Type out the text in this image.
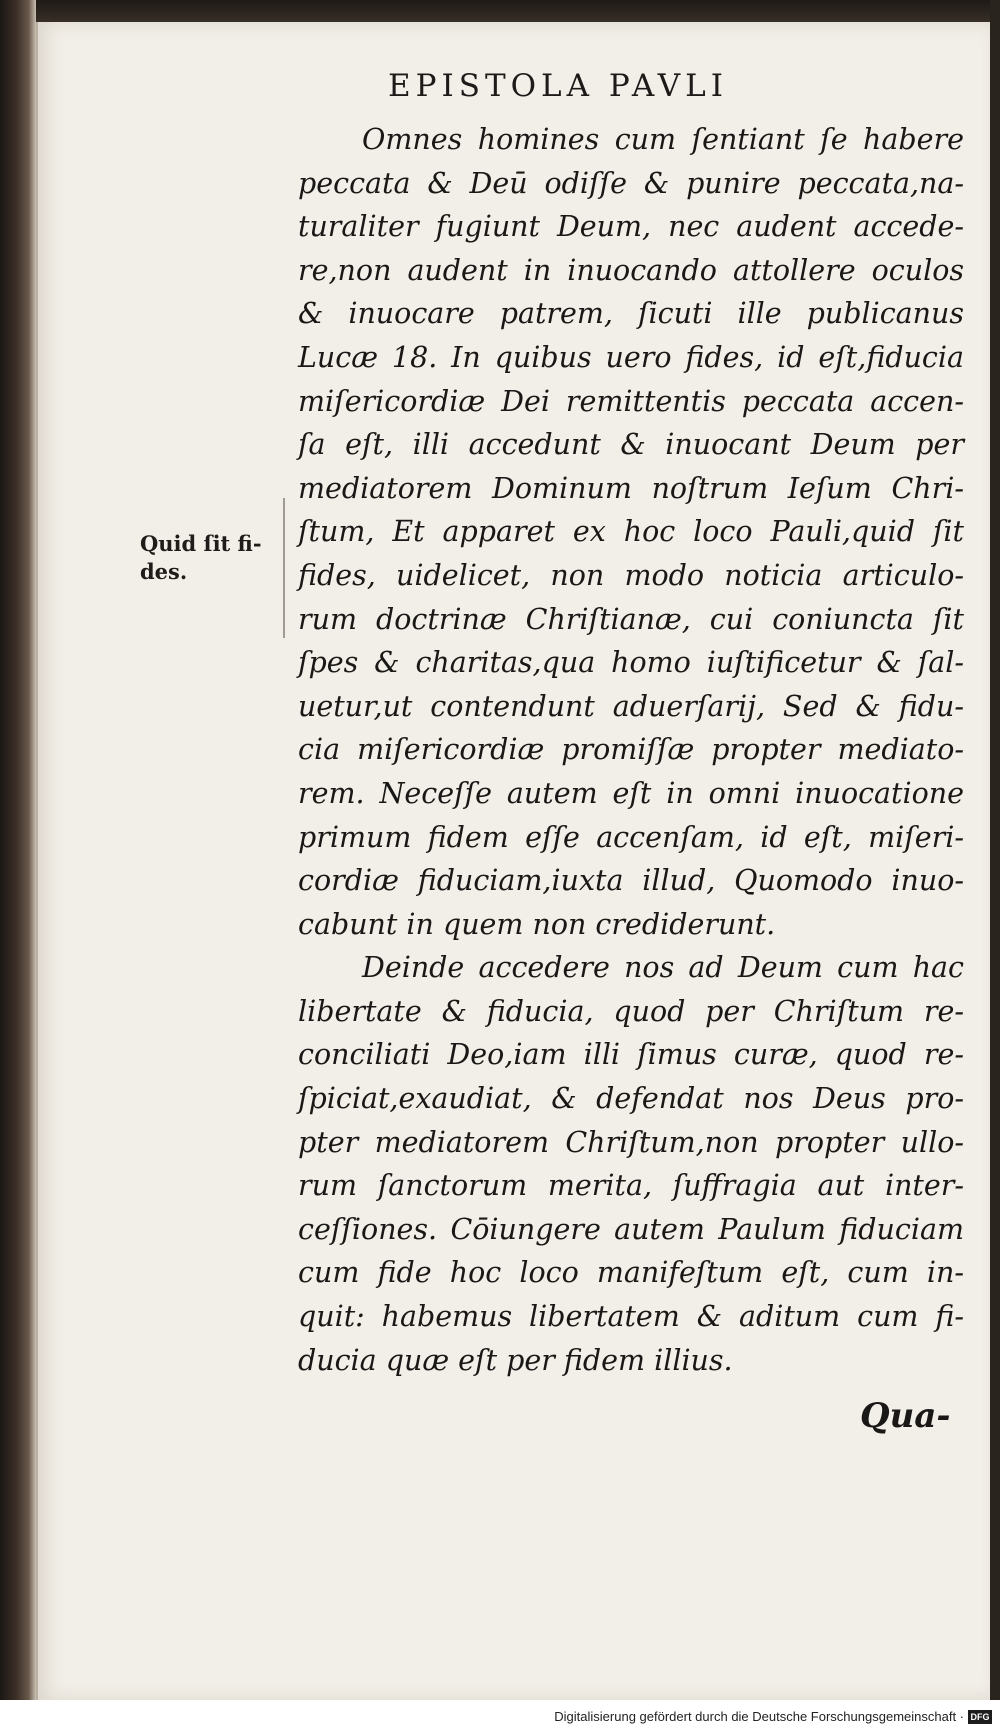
EPISTOLA PAVLI
Quid ſit fi-
des.
Omnes homines cum ſentiant ſe habere
peccata & Deū odiſſe & punire peccata,na-
turaliter fugiunt Deum, nec audent accede-
re,non audent in inuocando attollere oculos
& inuocare patrem, ſicuti ille publicanus
Lucæ 18. In quibus uero fides, id eſt,fiducia
miſericordiæ Dei remittentis peccata accen-
ſa eſt, illi accedunt & inuocant Deum per
mediatorem Dominum noſtrum Ieſum Chri-
ſtum, Et apparet ex hoc loco Pauli,quid ſit
fides, uidelicet, non modo noticia articulo-
rum doctrinæ Chriſtianæ, cui coniuncta ſit
ſpes & charitas,qua homo iuſtificetur & ſal-
uetur,ut contendunt aduerſarij, Sed & fidu-
cia miſericordiæ promiſſæ propter mediato-
rem. Neceſſe autem eſt in omni inuocatione
primum fidem eſſe accenſam, id eſt, miſeri-
cordiæ fiduciam,iuxta illud, Quomodo inuo-
cabunt in quem non crediderunt.
Deinde accedere nos ad Deum cum hac
libertate & fiducia, quod per Chriſtum re-
conciliati Deo,iam illi ſimus curæ, quod re-
ſpiciat,exaudiat, & defendat nos Deus pro-
pter mediatorem Chriſtum,non propter ullo-
rum ſanctorum merita, ſuffragia aut inter-
ceſſiones. Cōiungere autem Paulum fiduciam
cum fide hoc loco manifeſtum eſt, cum in-
quit: habemus libertatem & aditum cum fi-
ducia quæ eſt per fidem illius.
Qua-
Digitalisierung gefördert durch die Deutsche Forschungsgemeinschaft · DFG
